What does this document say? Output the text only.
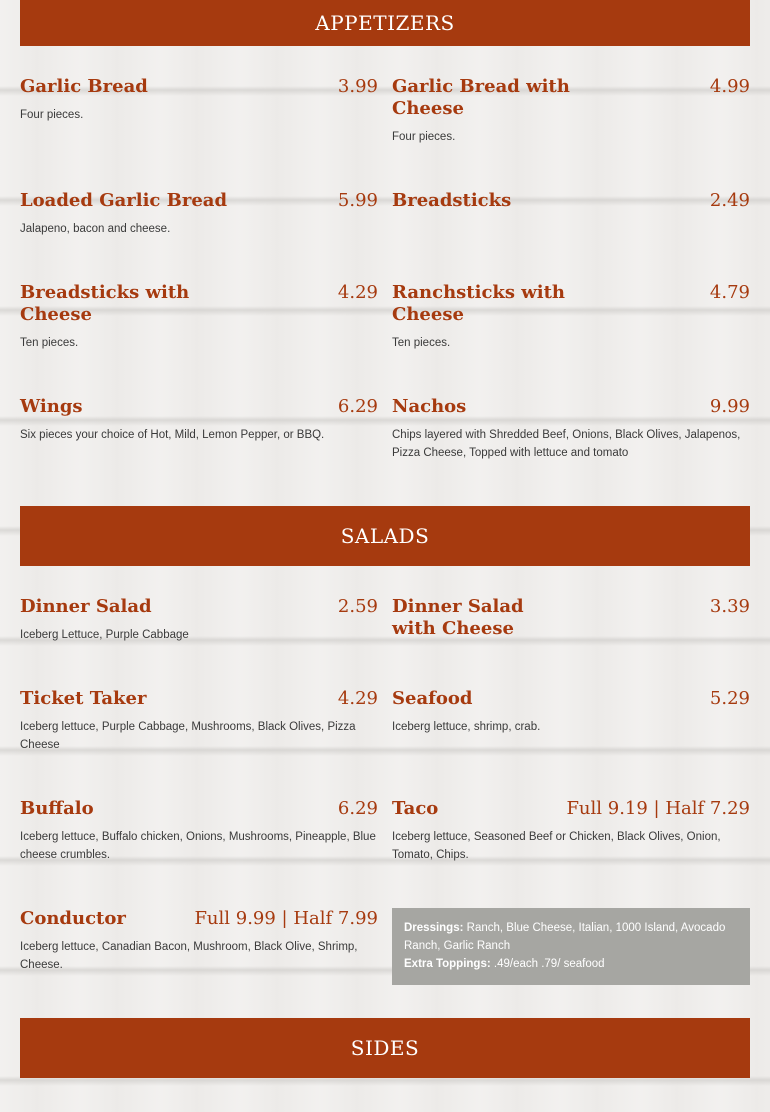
APPETIZERS
Garlic Bread	3.99
Four pieces.
Garlic Bread with Cheese
4.99
Four pieces.
Loaded Garlic Bread	5.99
Jalapeno, bacon and cheese.
Breadsticks	2.49
Breadsticks with Cheese
4.29
Ten pieces.
Ranchsticks with Cheese
4.79
Ten pieces.
Wings	6.29
Six pieces your choice of Hot, Mild, Lemon Pepper, or BBQ.
Nachos	9.99
Chips layered with Shredded Beef, Onions, Black Olives, Jalapenos, Pizza Cheese, Topped with lettuce and tomato
SALADS
Dinner Salad	2.59
Iceberg Lettuce, Purple Cabbage
Dinner Salad with Cheese
3.39
Ticket Taker	4.29
Iceberg lettuce, Purple Cabbage, Mushrooms, Black Olives, Pizza Cheese
Seafood	5.29
Iceberg lettuce, shrimp, crab.
Buffalo	6.29
Iceberg lettuce, Buffalo chicken, Onions, Mushrooms, Pineapple, Blue cheese crumbles.
Taco	Full 9.19 | Half 7.29
Iceberg lettuce, Seasoned Beef or Chicken, Black Olives, Onion, Tomato, Chips.
Conductor	Full 9.99 | Half 7.99
Iceberg lettuce, Canadian Bacon, Mushroom, Black Olive, Shrimp, Cheese.
Dressings: Ranch, Blue Cheese, Italian, 1000 Island, Avocado Ranch, Garlic Ranch
Extra Toppings: .49/each .79/ seafood
SIDES
